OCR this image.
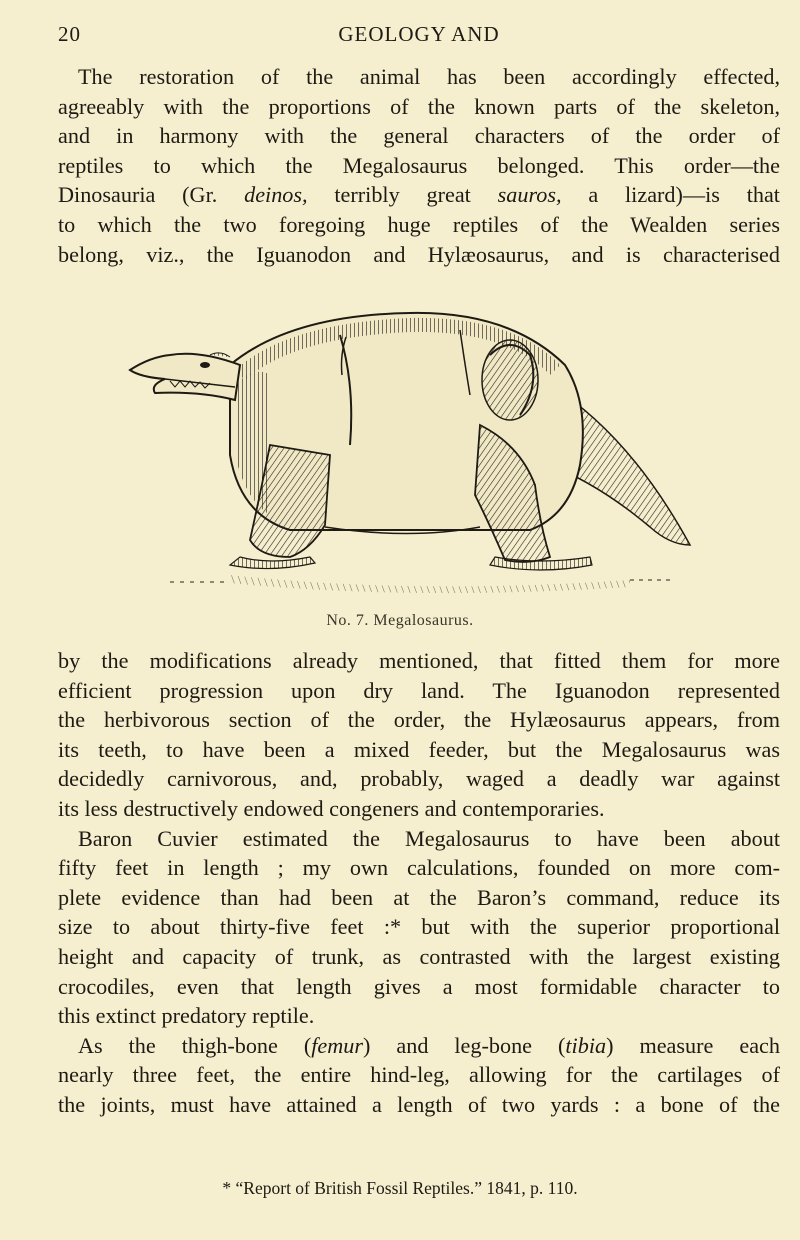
20	GEOLOGY AND
The restoration of the animal has been accordingly effected,
agreeably with the proportions of the known parts of the skeleton,
and in harmony with the general characters of the order of
reptiles to which the Megalosaurus belonged. This order—the
Dinosauria (Gr. deinos, terribly great sauros, a lizard)—is that
to which the two foregoing huge reptiles of the Wealden series
belong, viz., the Iguanodon and Hylæosaurus, and is characterised
No. 7. Megalosaurus.
by the modifications already mentioned, that fitted them for more
efficient progression upon dry land. The Iguanodon represented
the herbivorous section of the order, the Hylæosaurus appears, from
its teeth, to have been a mixed feeder, but the Megalosaurus was
decidedly carnivorous, and, probably, waged a deadly war against
its less destructively endowed congeners and contemporaries.
Baron Cuvier estimated the Megalosaurus to have been about
fifty feet in length ; my own calculations, founded on more com-
plete evidence than had been at the Baron’s command, reduce its
size to about thirty-five feet :* but with the superior proportional
height and capacity of trunk, as contrasted with the largest existing
crocodiles, even that length gives a most formidable character to
this extinct predatory reptile.
As the thigh-bone (femur) and leg-bone (tibia) measure each
nearly three feet, the entire hind-leg, allowing for the cartilages of
the joints, must have attained a length of two yards : a bone of the
* “Report of British Fossil Reptiles.” 1841, p. 110.
